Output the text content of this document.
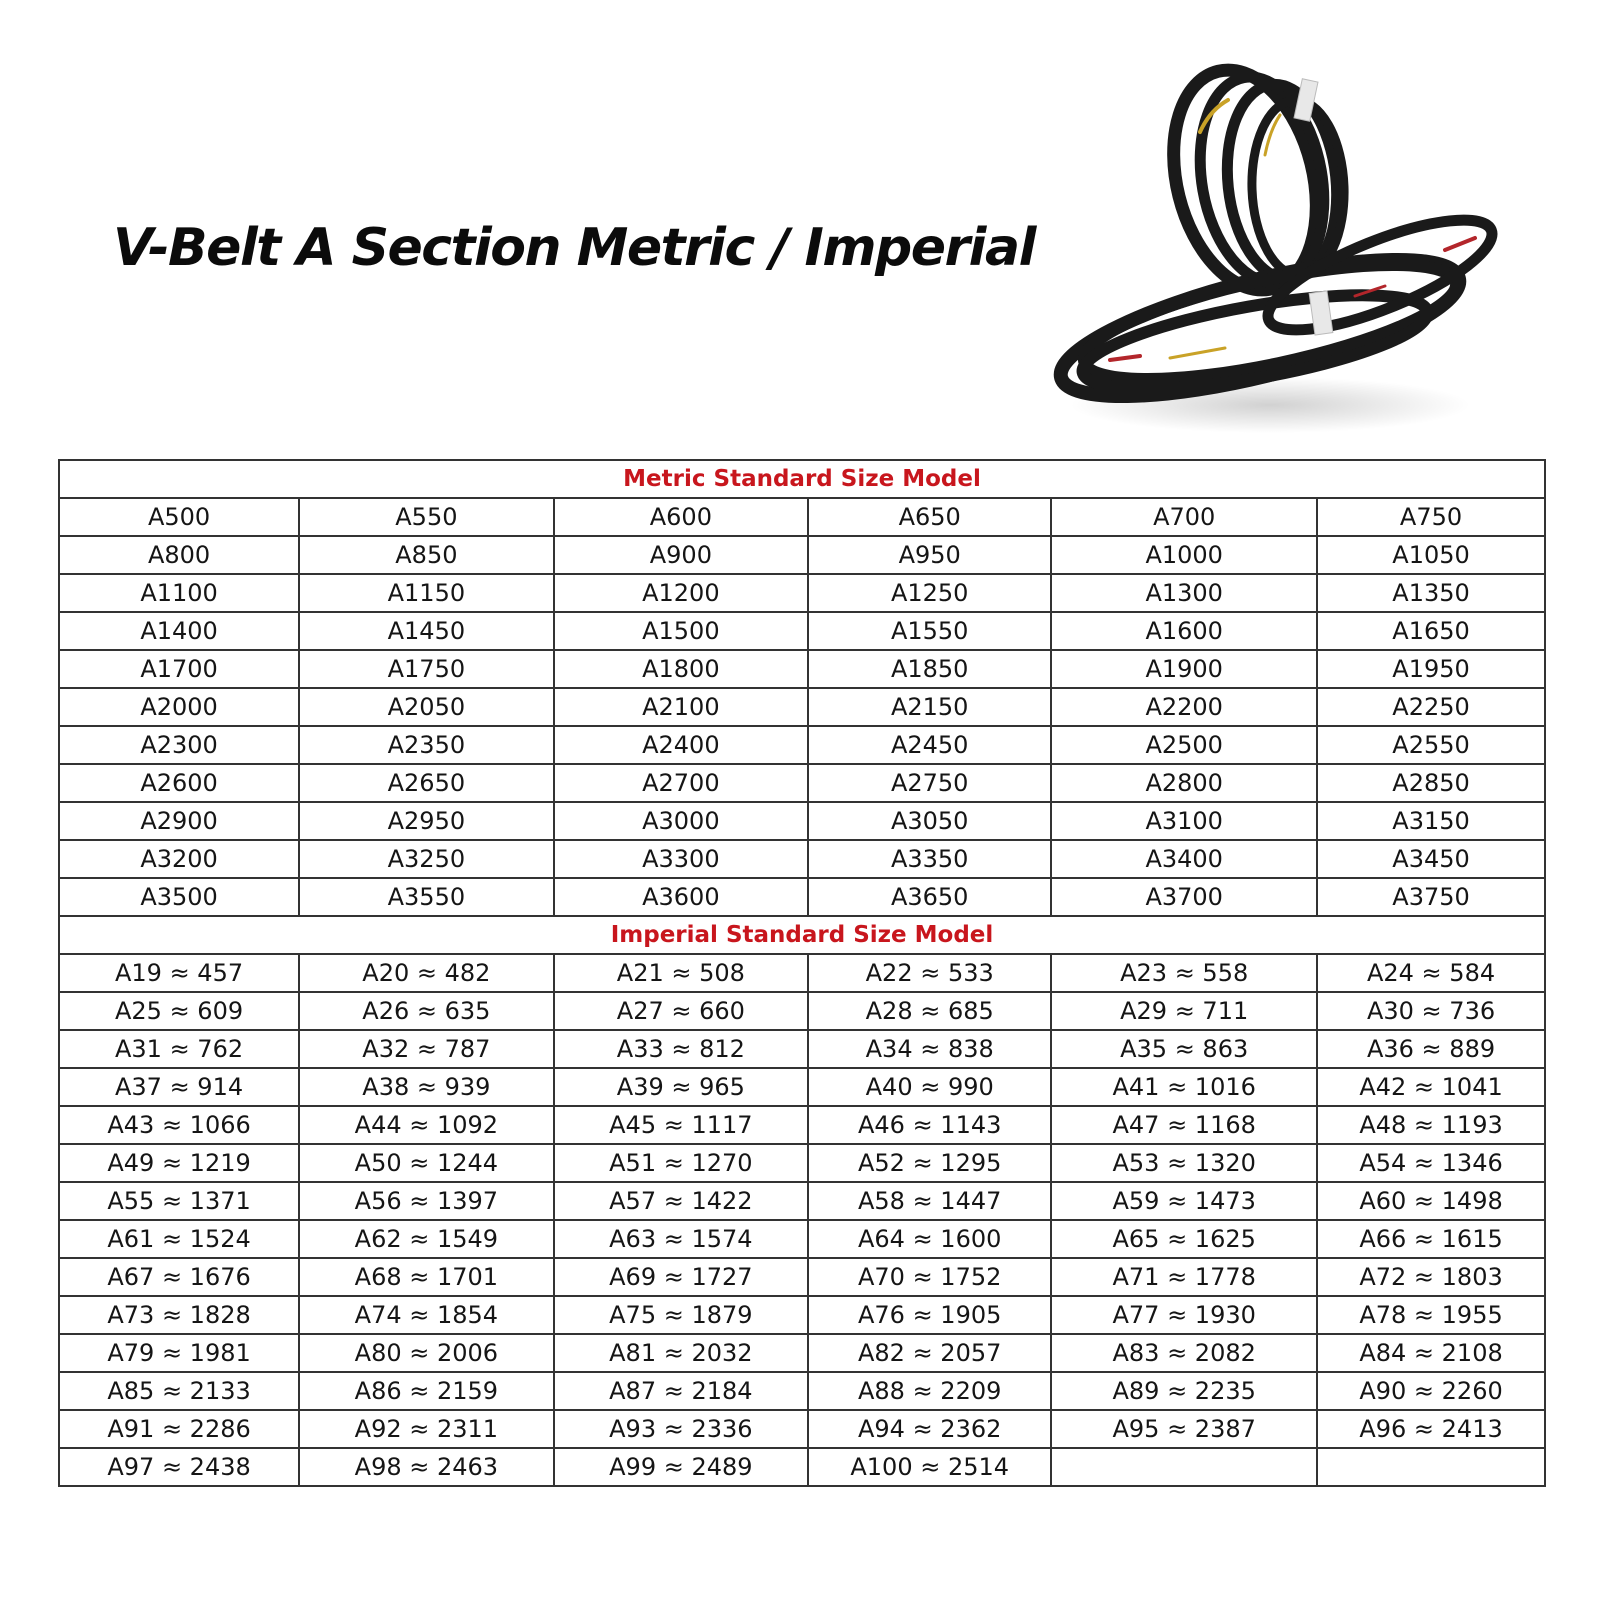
V-Belt A Section Metric / Imperial
Metric Standard Size Model					
A500	A550	A600	A650	A700	A750
A800	A850	A900	A950	A1000	A1050
A1100	A1150	A1200	A1250	A1300	A1350
A1400	A1450	A1500	A1550	A1600	A1650
A1700	A1750	A1800	A1850	A1900	A1950
A2000	A2050	A2100	A2150	A2200	A2250
A2300	A2350	A2400	A2450	A2500	A2550
A2600	A2650	A2700	A2750	A2800	A2850
A2900	A2950	A3000	A3050	A3100	A3150
A3200	A3250	A3300	A3350	A3400	A3450
A3500	A3550	A3600	A3650	A3700	A3750
Imperial Standard Size Model					
A19 ≈ 457	A20 ≈ 482	A21 ≈ 508	A22 ≈ 533	A23 ≈ 558	A24 ≈ 584
A25 ≈ 609	A26 ≈ 635	A27 ≈ 660	A28 ≈ 685	A29 ≈ 711	A30 ≈ 736
A31 ≈ 762	A32 ≈ 787	A33 ≈ 812	A34 ≈ 838	A35 ≈ 863	A36 ≈ 889
A37 ≈ 914	A38 ≈ 939	A39 ≈ 965	A40 ≈ 990	A41 ≈ 1016	A42 ≈ 1041
A43 ≈ 1066	A44 ≈ 1092	A45 ≈ 1117	A46 ≈ 1143	A47 ≈ 1168	A48 ≈ 1193
A49 ≈ 1219	A50 ≈ 1244	A51 ≈ 1270	A52 ≈ 1295	A53 ≈ 1320	A54 ≈ 1346
A55 ≈ 1371	A56 ≈ 1397	A57 ≈ 1422	A58 ≈ 1447	A59 ≈ 1473	A60 ≈ 1498
A61 ≈ 1524	A62 ≈ 1549	A63 ≈ 1574	A64 ≈ 1600	A65 ≈ 1625	A66 ≈ 1615
A67 ≈ 1676	A68 ≈ 1701	A69 ≈ 1727	A70 ≈ 1752	A71 ≈ 1778	A72 ≈ 1803
A73 ≈ 1828	A74 ≈ 1854	A75 ≈ 1879	A76 ≈ 1905	A77 ≈ 1930	A78 ≈ 1955
A79 ≈ 1981	A80 ≈ 2006	A81 ≈ 2032	A82 ≈ 2057	A83 ≈ 2082	A84 ≈ 2108
A85 ≈ 2133	A86 ≈ 2159	A87 ≈ 2184	A88 ≈ 2209	A89 ≈ 2235	A90 ≈ 2260
A91 ≈ 2286	A92 ≈ 2311	A93 ≈ 2336	A94 ≈ 2362	A95 ≈ 2387	A96 ≈ 2413
A97 ≈ 2438	A98 ≈ 2463	A99 ≈ 2489	A100 ≈ 2514		
